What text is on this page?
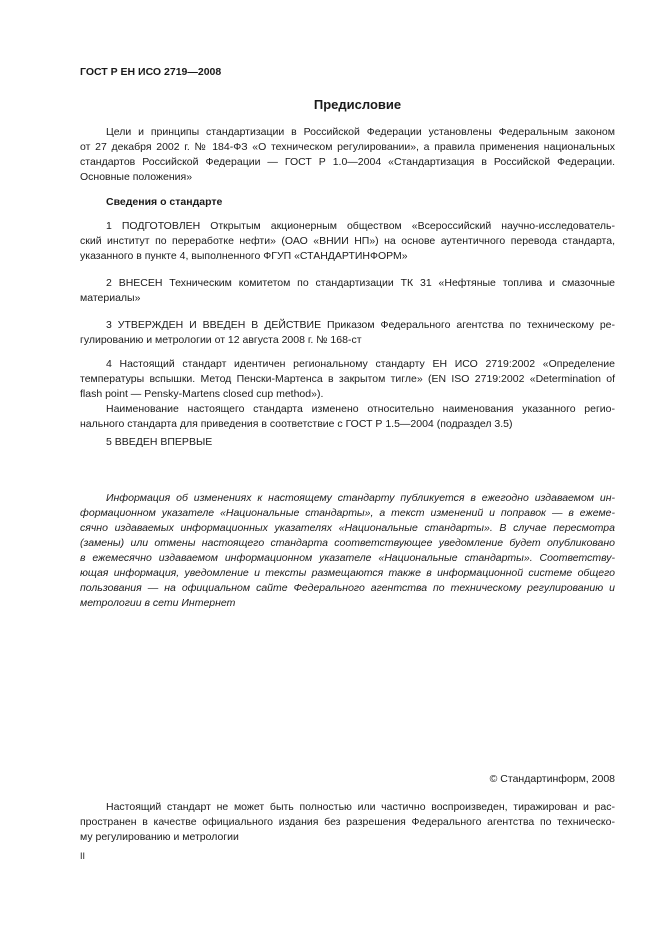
ГОСТ Р ЕН ИСО 2719—2008
Предисловие
Цели и принципы стандартизации в Российской Федерации установлены Федеральным законом
от 27 декабря 2002 г. № 184-ФЗ «О техническом регулировании», а правила применения национальных
стандартов Российской Федерации — ГОСТ Р 1.0—2004 «Стандартизация в Российской Федерации.
Основные положения»
Сведения о стандарте
1 ПОДГОТОВЛЕН Открытым акционерным обществом «Всероссийский научно-исследователь-
ский институт по переработке нефти» (ОАО «ВНИИ НП») на основе аутентичного перевода стандарта,
указанного в пункте 4, выполненного ФГУП «СТАНДАРТИНФОРМ»
2 ВНЕСЕН Техническим комитетом по стандартизации ТК 31 «Нефтяные топлива и смазочные
материалы»
3 УТВЕРЖДЕН И ВВЕДЕН В ДЕЙСТВИЕ Приказом Федерального агентства по техническому ре-
гулированию и метрологии от 12 августа 2008 г. № 168-ст
4 Настоящий стандарт идентичен региональному стандарту ЕН ИСО 2719:2002 «Определение
температуры вспышки. Метод Пенски-Мартенса в закрытом тигле» (EN ISO 2719:2002 «Determination of
flash point — Pensky-Martens closed cup method»).
Наименование настоящего стандарта изменено относительно наименования указанного регио-
нального стандарта для приведения в соответствие с ГОСТ Р 1.5—2004 (подраздел 3.5)
5 ВВЕДЕН ВПЕРВЫЕ
Информация об изменениях к настоящему стандарту публикуется в ежегодно издаваемом ин-
формационном указателе «Национальные стандарты», а текст изменений и поправок — в ежеме-
сячно издаваемых информационных указателях «Национальные стандарты». В случае пересмотра
(замены) или отмены настоящего стандарта соответствующее уведомление будет опубликовано
в ежемесячно издаваемом информационном указателе «Национальные стандарты». Соответству-
ющая информация, уведомление и тексты размещаются также в информационной системе общего
пользования — на официальном сайте Федерального агентства по техническому регулированию и
метрологии в сети Интернет
© Стандартинформ, 2008
Настоящий стандарт не может быть полностью или частично воспроизведен, тиражирован и рас-
пространен в качестве официального издания без разрешения Федерального агентства по техническо-
му регулированию и метрологии
II
